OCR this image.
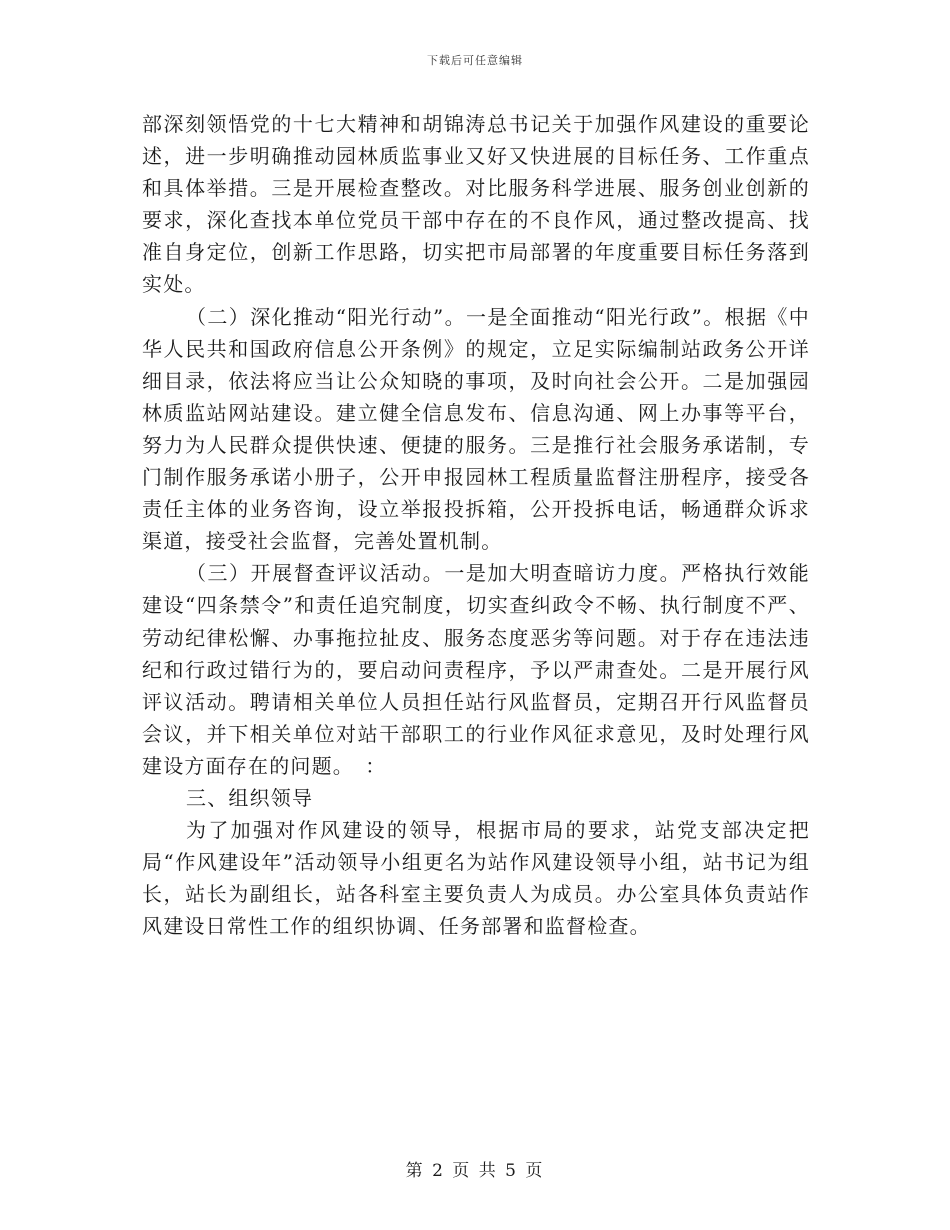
下载后可任意编辑

部深刻领悟党的十七大精神和胡锦涛总书记关于加强作风建设的重要论述，进一步明确推动园林质监事业又好又快进展的目标任务、工作重点和具体举措。三是开展检查整改。对比服务科学进展、服务创业创新的要求，深化查找本单位党员干部中存在的不良作风，通过整改提高、找准自身定位，创新工作思路，切实把市局部署的年度重要目标任务落到实处。

（二）深化推动“阳光行动”。一是全面推动“阳光行政”。根据《中华人民共和国政府信息公开条例》的规定，立足实际编制站政务公开详细目录，依法将应当让公众知晓的事项，及时向社会公开。二是加强园林质监站网站建设。建立健全信息发布、信息沟通、网上办事等平台，努力为人民群众提供快速、便捷的服务。三是推行社会服务承诺制，专门制作服务承诺小册子，公开申报园林工程质量监督注册程序，接受各责任主体的业务咨询，设立举报投拆箱，公开投拆电话，畅通群众诉求渠道，接受社会监督，完善处置机制。

（三）开展督查评议活动。一是加大明查暗访力度。严格执行效能建设“四条禁令”和责任追究制度，切实查纠政令不畅、执行制度不严、劳动纪律松懈、办事拖拉扯皮、服务态度恶劣等问题。对于存在违法违纪和行政过错行为的，要启动问责程序，予以严肃查处。二是开展行风评议活动。聘请相关单位人员担任站行风监督员，定期召开行风监督员会议，并下相关单位对站干部职工的行业作风征求意见，及时处理行风建设方面存在的问题。　：

三、组织领导

为了加强对作风建设的领导，根据市局的要求，站党支部决定把局“作风建设年”活动领导小组更名为站作风建设领导小组，站书记为组长，站长为副组长，站各科室主要负责人为成员。办公室具体负责站作风建设日常性工作的组织协调、任务部署和监督检查。

第 2 页 共 5 页
